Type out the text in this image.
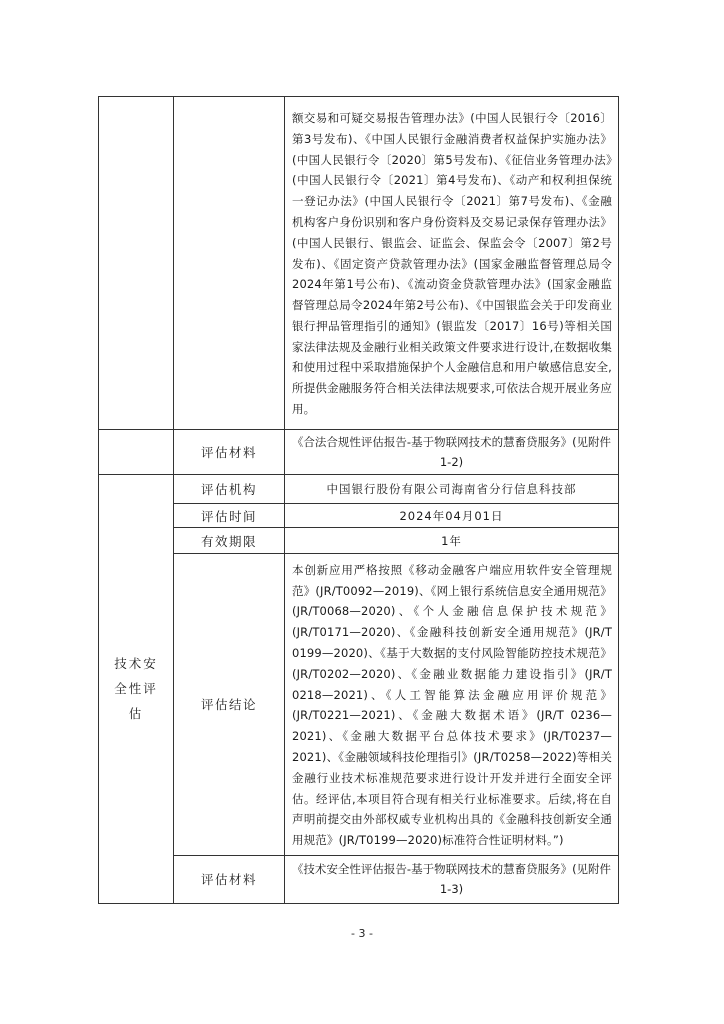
		额交易和可疑交易报告管理办法》(中国人民银行令〔2016〕第3号发布)、《中国人民银行金融消费者权益保护实施办法》(中国人民银行令〔2020〕第5号发布)、《征信业务管理办法》(中国人民银行令〔2021〕第4号发布)、《动产和权利担保统一登记办法》(中国人民银行令〔2021〕第7号发布)、《金融机构客户身份识别和客户身份资料及交易记录保存管理办法》(中国人民银行、银监会、证监会、保监会令〔2007〕第2号发布)、《固定资产贷款管理办法》(国家金融监督管理总局令2024年第1号公布)、《流动资金贷款管理办法》(国家金融监督管理总局令2024年第2号公布)、《中国银监会关于印发商业银行押品管理指引的通知》(银监发〔2017〕16号)等相关国家法律法规及金融行业相关政策文件要求进行设计,在数据收集和使用过程中采取措施保护个人金融信息和用户敏感信息安全,所提供金融服务符合相关法律法规要求,可依法合规开展业务应用。

	评估材料	《合法合规性评估报告-基于物联网技术的慧畜贷服务》(见附件1-2)

技术安全性评估	评估机构	中国银行股份有限公司海南省分行信息科技部
	评估时间	2024年04月01日
	有效期限	1年
	评估结论	本创新应用严格按照《移动金融客户端应用软件安全管理规范》(JR/T0092—2019)、《网上银行系统信息安全通用规范》(JR/T0068—2020)、《个人金融信息保护技术规范》(JR/T0171—2020)、《金融科技创新安全通用规范》(JR/T 0199—2020)、《基于大数据的支付风险智能防控技术规范》(JR/T0202—2020)、《金融业数据能力建设指引》(JR/T 0218—2021)、《人工智能算法金融应用评价规范》(JR/T0221—2021)、《金融大数据术语》(JR/T 0236—2021)、《金融大数据平台总体技术要求》(JR/T0237—2021)、《金融领域科技伦理指引》(JR/T0258—2022)等相关金融行业技术标准规范要求进行设计开发并进行全面安全评估。经评估,本项目符合现有相关行业标准要求。后续,将在自声明前提交由外部权威专业机构出具的《金融科技创新安全通用规范》(JR/T0199—2020)标准符合性证明材料。”)

	评估材料	《技术安全性评估报告-基于物联网技术的慧畜贷服务》(见附件1-3)
- 3 -
